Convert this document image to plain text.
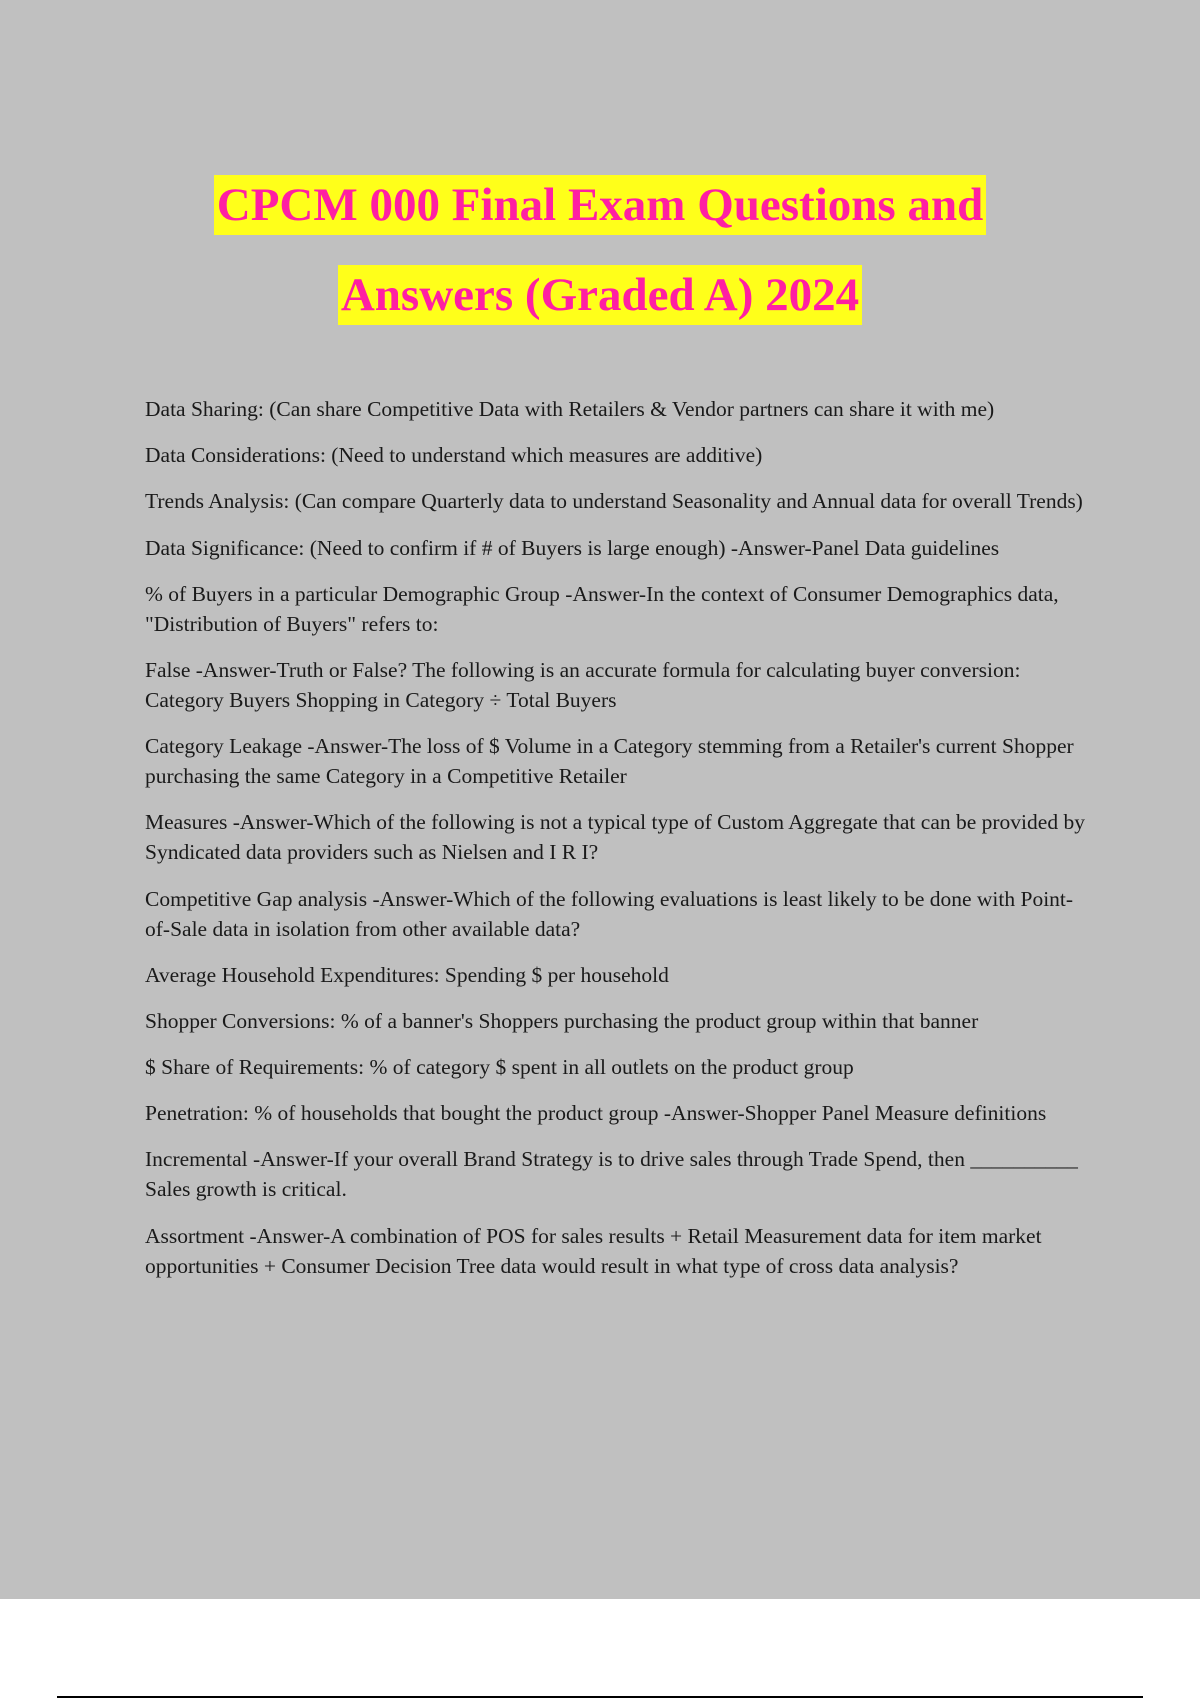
CPCM 000 Final Exam Questions and
Answers (Graded A) 2024

Data Sharing: (Can share Competitive Data with Retailers & Vendor partners can share it with me)

Data Considerations: (Need to understand which measures are additive)

Trends Analysis: (Can compare Quarterly data to understand Seasonality and Annual data for overall Trends)

Data Significance: (Need to confirm if # of Buyers is large enough) -Answer-Panel Data guidelines

% of Buyers in a particular Demographic Group -Answer-In the context of Consumer Demographics data, "Distribution of Buyers" refers to:

False -Answer-Truth or False? The following is an accurate formula for calculating buyer conversion: Category Buyers Shopping in Category ÷ Total Buyers

Category Leakage -Answer-The loss of $ Volume in a Category stemming from a Retailer's current Shopper purchasing the same Category in a Competitive Retailer

Measures -Answer-Which of the following is not a typical type of Custom Aggregate that can be provided by Syndicated data providers such as Nielsen and I R I?

Competitive Gap analysis -Answer-Which of the following evaluations is least likely to be done with Point-of-Sale data in isolation from other available data?

Average Household Expenditures: Spending $ per household

Shopper Conversions: % of a banner's Shoppers purchasing the product group within that banner

$ Share of Requirements: % of category $ spent in all outlets on the product group

Penetration: % of households that bought the product group -Answer-Shopper Panel Measure definitions

Incremental -Answer-If your overall Brand Strategy is to drive sales through Trade Spend, then __________ Sales growth is critical.

Assortment -Answer-A combination of POS for sales results + Retail Measurement data for item market opportunities + Consumer Decision Tree data would result in what type of cross data analysis?
